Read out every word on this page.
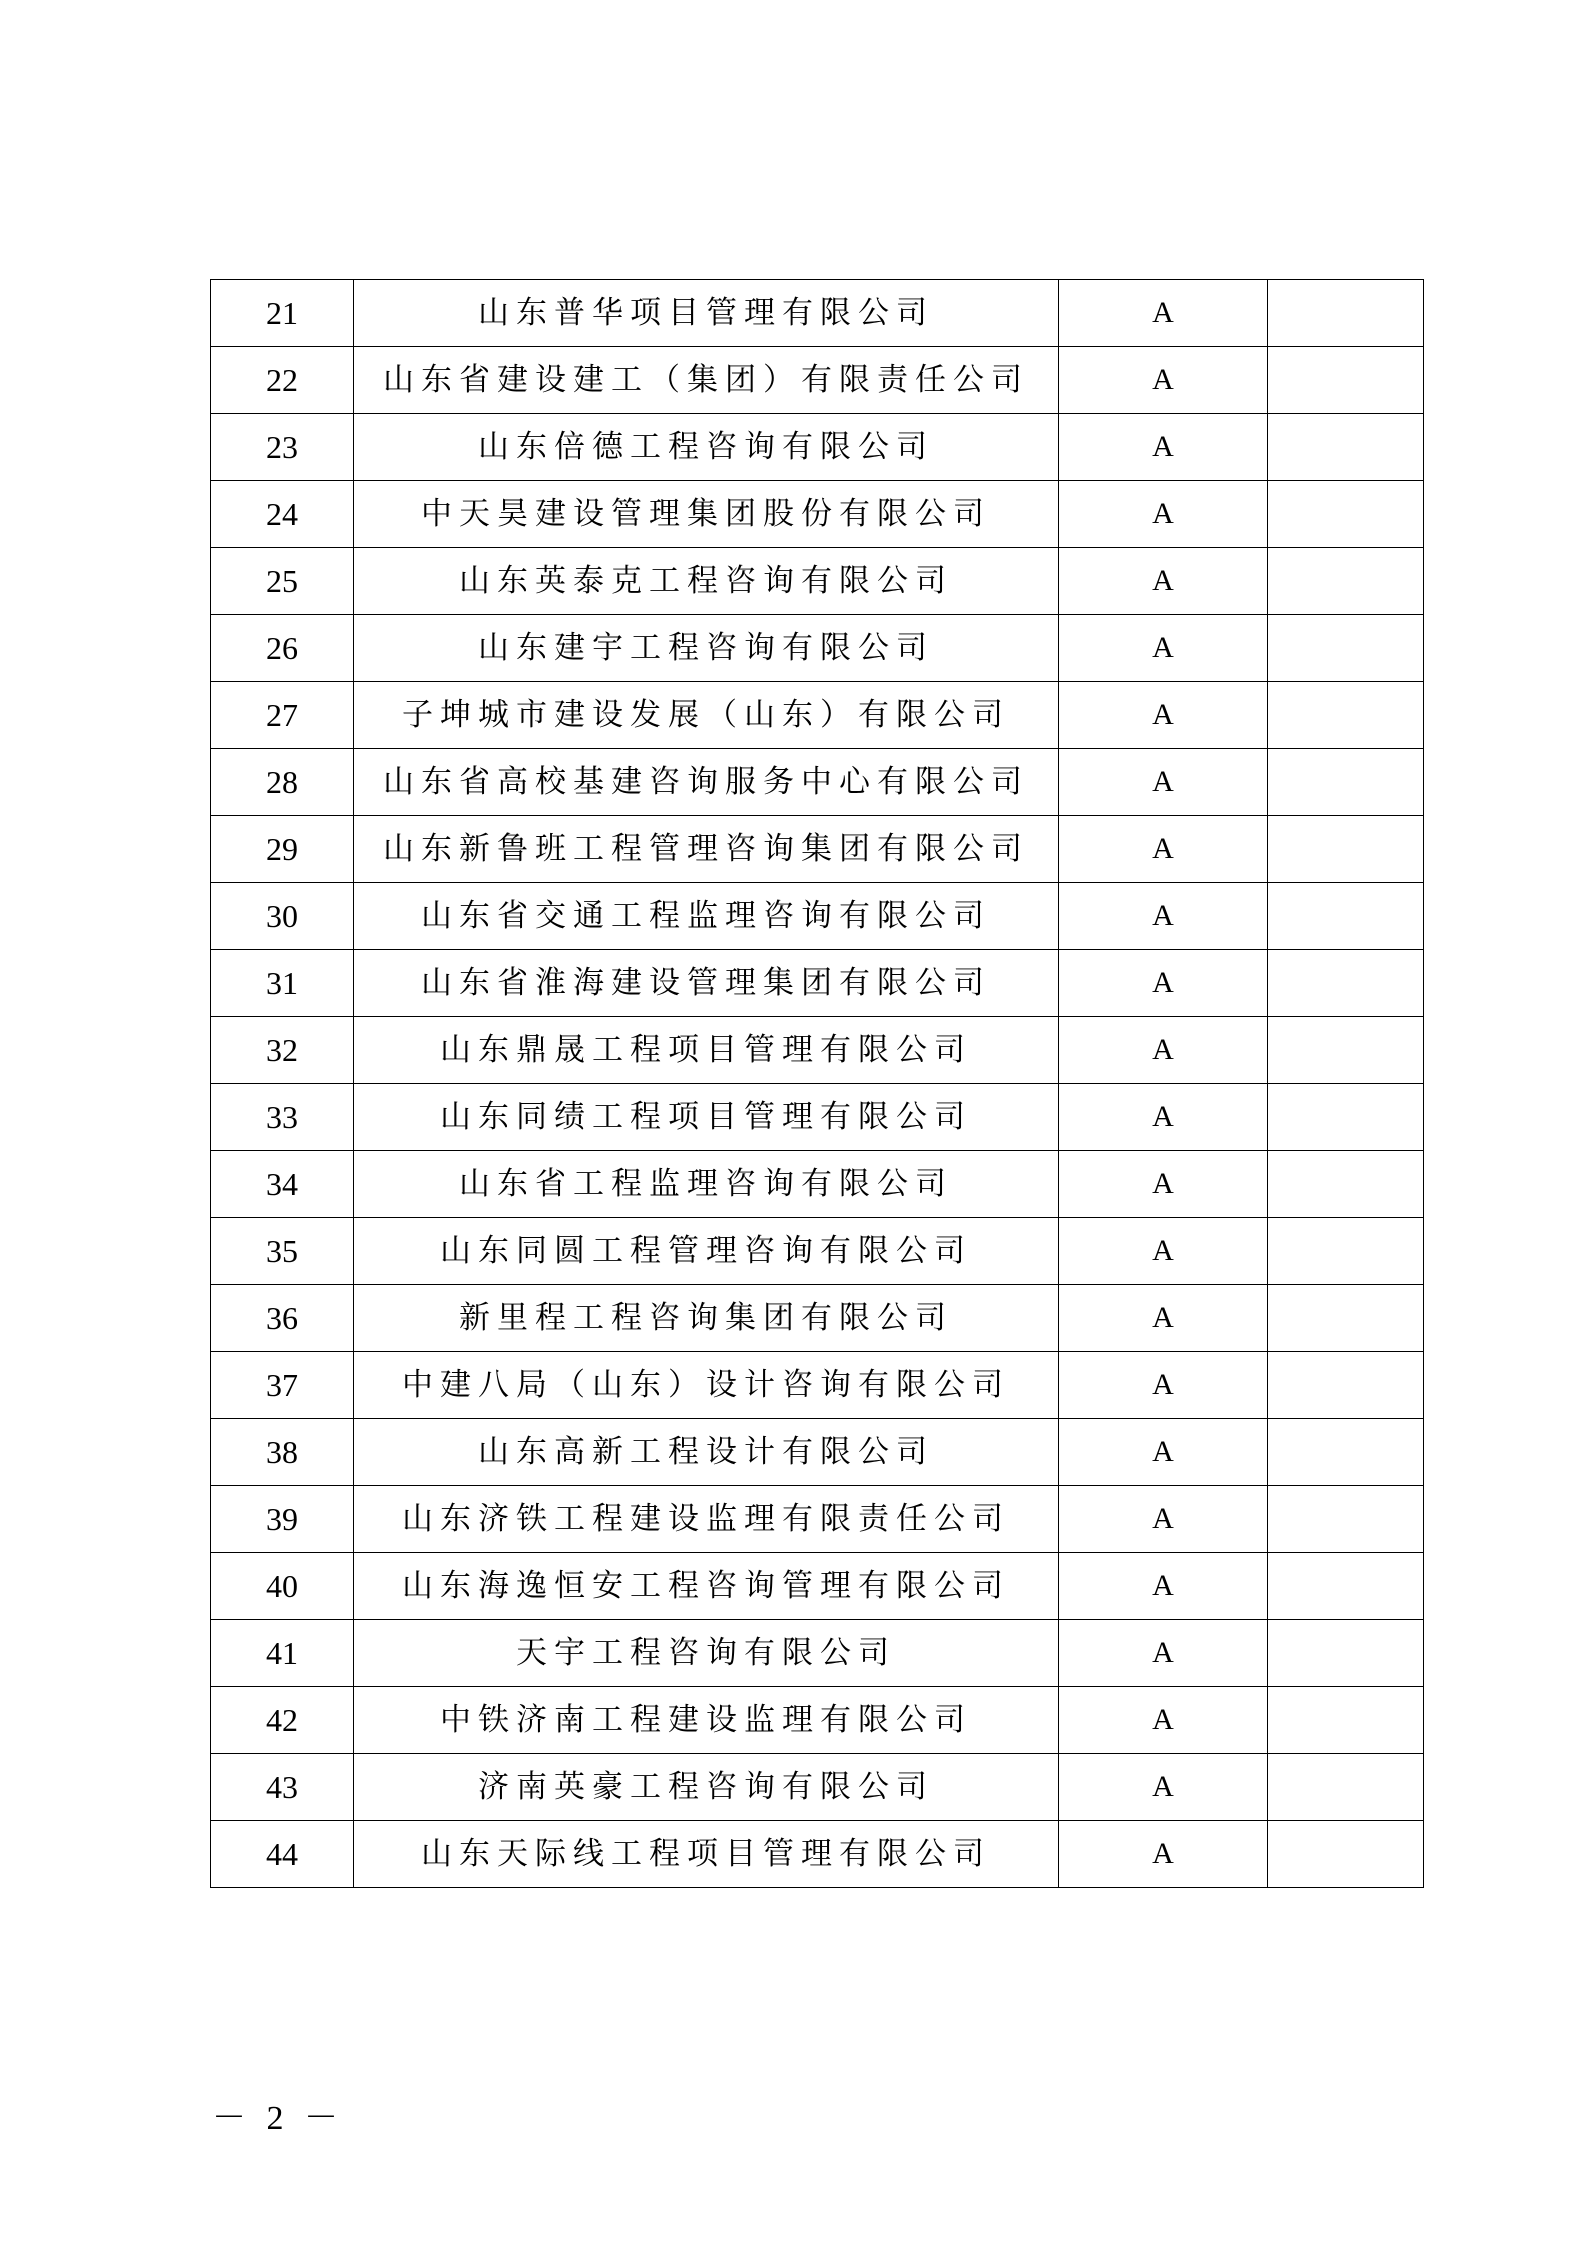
21	山东普华项目管理有限公司	A	
22	山东省建设建工（集团）有限责任公司	A	
23	山东倍德工程咨询有限公司	A	
24	中天昊建设管理集团股份有限公司	A	
25	山东英泰克工程咨询有限公司	A	
26	山东建宇工程咨询有限公司	A	
27	子坤城市建设发展（山东）有限公司	A	
28	山东省高校基建咨询服务中心有限公司	A	
29	山东新鲁班工程管理咨询集团有限公司	A	
30	山东省交通工程监理咨询有限公司	A	
31	山东省淮海建设管理集团有限公司	A	
32	山东鼎晟工程项目管理有限公司	A	
33	山东同绩工程项目管理有限公司	A	
34	山东省工程监理咨询有限公司	A	
35	山东同圆工程管理咨询有限公司	A	
36	新里程工程咨询集团有限公司	A	
37	中建八局（山东）设计咨询有限公司	A	
38	山东高新工程设计有限公司	A	
39	山东济铁工程建设监理有限责任公司	A	
40	山东海逸恒安工程咨询管理有限公司	A	
41	天宇工程咨询有限公司	A	
42	中铁济南工程建设监理有限公司	A	
43	济南英豪工程咨询有限公司	A	
44	山东天际线工程项目管理有限公司	A	
－ 2 －
